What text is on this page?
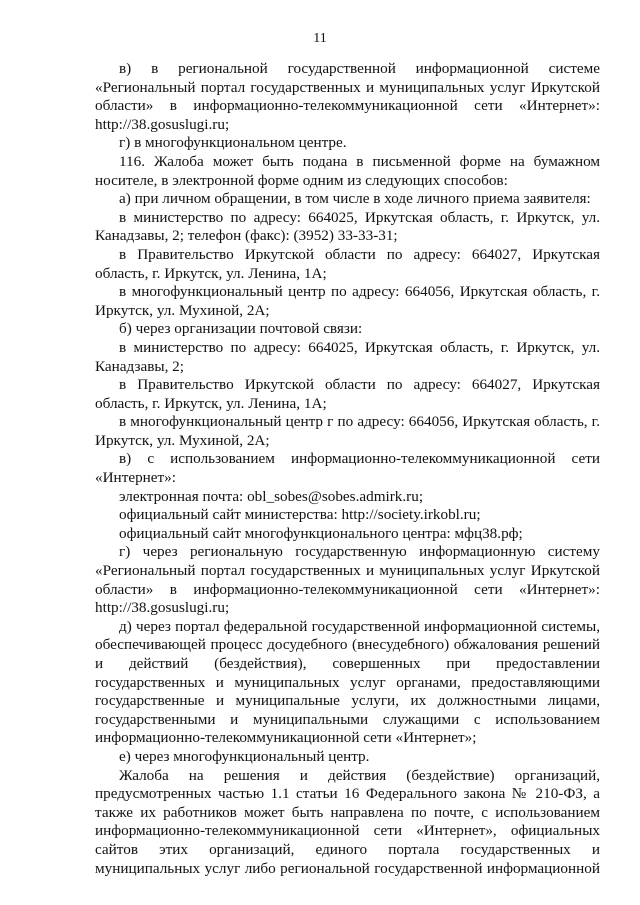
11

в) в региональной государственной информационной системе «Региональный портал государственных и муниципальных услуг Иркутской области» в информационно-телекоммуникационной сети «Интернет»: http://38.gosuslugi.ru;

г) в многофункциональном центре.

116. Жалоба может быть подана в письменной форме на бумажном носителе, в электронной форме одним из следующих способов:

а) при личном обращении, в том числе в ходе личного приема заявителя:

в министерство по адресу: 664025, Иркутская область, г. Иркутск, ул. Канадзавы, 2; телефон (факс): (3952) 33-33-31;

в Правительство Иркутской области по адресу: 664027, Иркутская область, г. Иркутск, ул. Ленина, 1А;

в многофункциональный центр по адресу: 664056, Иркутская область, г. Иркутск, ул. Мухиной, 2А;

б) через организации почтовой связи:

в министерство по адресу: 664025, Иркутская область, г. Иркутск, ул. Канадзавы, 2;

в Правительство Иркутской области по адресу: 664027, Иркутская область, г. Иркутск, ул. Ленина, 1А;

в многофункциональный центр г по адресу: 664056, Иркутская область, г. Иркутск, ул. Мухиной, 2А;

в) с использованием информационно-телекоммуникационной сети «Интернет»:

электронная почта: obl_sobes@sobes.admirk.ru;

официальный сайт министерства: http://society.irkobl.ru;

официальный сайт многофункционального центра: мфц38.рф;

г) через региональную государственную информационную систему «Региональный портал государственных и муниципальных услуг Иркутской области» в информационно-телекоммуникационной сети «Интернет»: http://38.gosuslugi.ru;

д) через портал федеральной государственной информационной системы, обеспечивающей процесс досудебного (внесудебного) обжалования решений и действий (бездействия), совершенных при предоставлении государственных и муниципальных услуг органами, предоставляющими государственные и муниципальные услуги, их должностными лицами, государственными и муниципальными служащими с использованием информационно-телекоммуникационной сети «Интернет»;

е) через многофункциональный центр.

Жалоба на решения и действия (бездействие) организаций, предусмотренных частью 1.1 статьи 16 Федерального закона № 210-ФЗ, а также их работников может быть направлена по почте, с использованием информационно-телекоммуникационной сети «Интернет», официальных сайтов этих организаций, единого портала государственных и муниципальных услуг либо региональной государственной информационной
